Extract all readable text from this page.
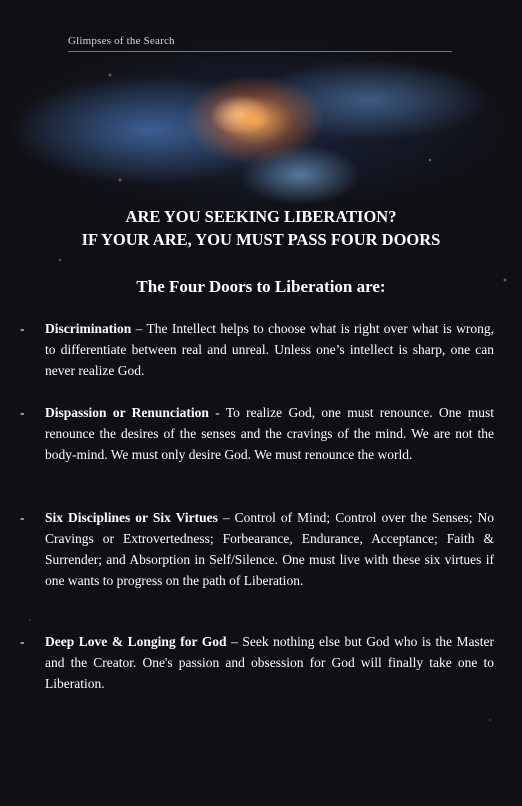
Glimpses of the Search
ARE YOU SEEKING LIBERATION?
IF YOUR ARE, YOU MUST PASS FOUR DOORS
The Four Doors to Liberation are:
- Discrimination – The Intellect helps to choose what is right over what is wrong, to differentiate between real and unreal. Unless one’s intellect is sharp, one can never realize God.
- Dispassion or Renunciation - To realize God, one must renounce. One must renounce the desires of the senses and the cravings of the mind. We are not the body-mind. We must only desire God. We must renounce the world.
- Six Disciplines or Six Virtues – Control of Mind; Control over the Senses; No Cravings or Extrovertedness; Forbearance, Endurance, Acceptance; Faith & Surrender; and Absorption in Self/Silence. One must live with these six virtues if one wants to progress on the path of Liberation.
- Deep Love & Longing for God – Seek nothing else but God who is the Master and the Creator. One's passion and obsession for God will finally take one to Liberation.
